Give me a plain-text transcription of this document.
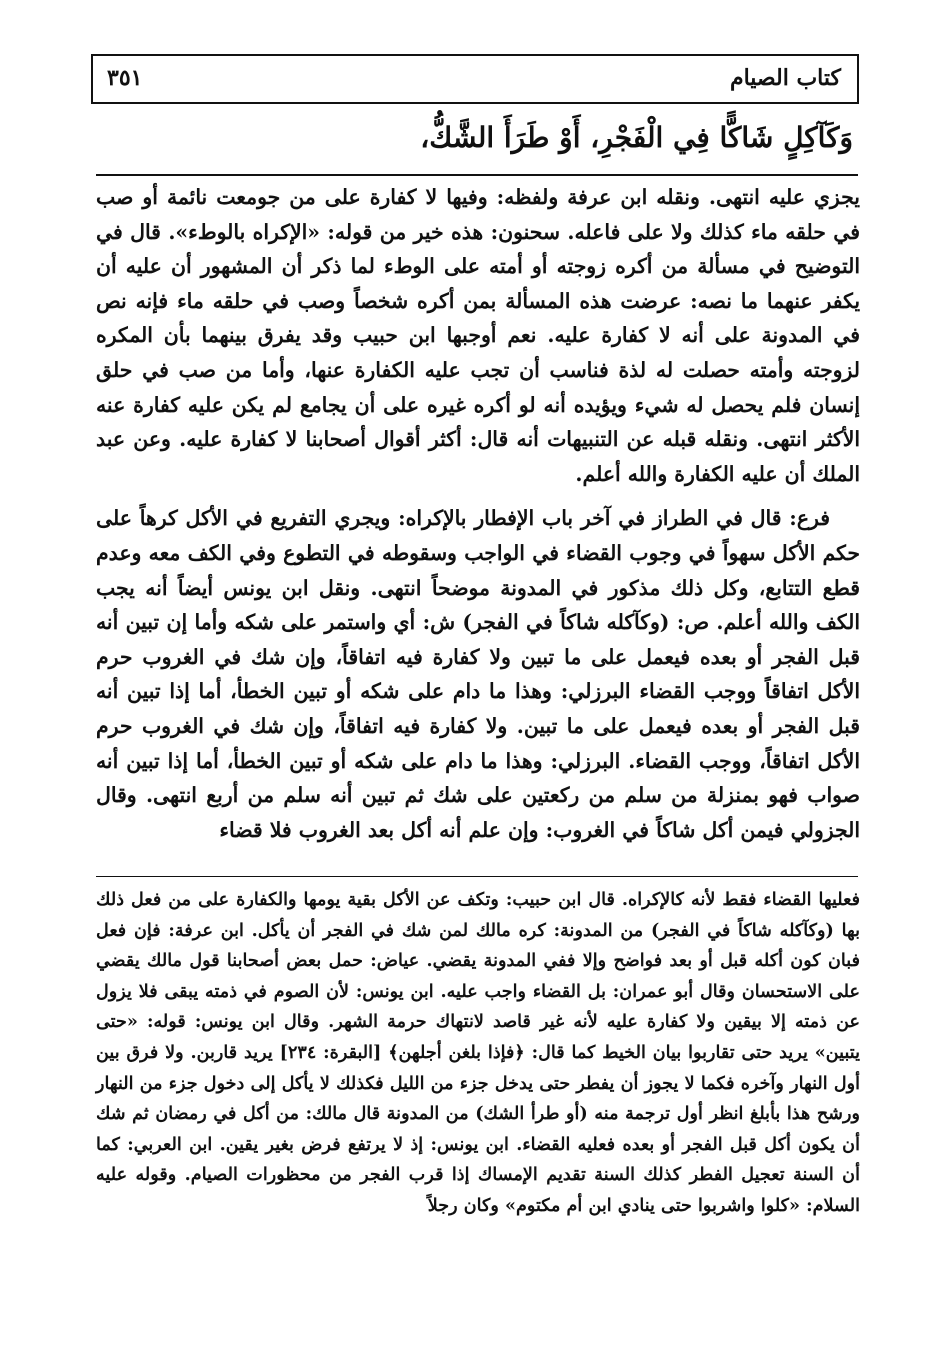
كتاب الصيام
٣٥١
وَكَآكِلٍ شَاكًّا فِي الْفَجْرِ، أَوْ طَرَأَ الشَّكُّ،

يجزي عليه انتهى. ونقله ابن عرفة ولفظه: وفيها لا كفارة على من جومعت نائمة أو صب في حلقه ماء كذلك ولا على فاعله. سحنون: هذه خير من قوله: «الإكراه بالوطء». قال في التوضيح في مسألة من أكره زوجته أو أمته على الوطء لما ذكر أن المشهور أن عليه أن يكفر عنهما ما نصه: عرضت هذه المسألة بمن أكره شخصاً وصب في حلقه ماء فإنه نص في المدونة على أنه لا كفارة عليه. نعم أوجبها ابن حبيب وقد يفرق بينهما بأن المكره لزوجته وأمته حصلت له لذة فناسب أن تجب عليه الكفارة عنها، وأما من صب في حلق إنسان فلم يحصل له شيء ويؤيده أنه لو أكره غيره على أن يجامع لم يكن عليه كفارة عنه الأكثر انتهى. ونقله قبله عن التنبيهات أنه قال: أكثر أقوال أصحابنا لا كفارة عليه. وعن عبد الملك أن عليه الكفارة والله أعلم.

فرع: قال في الطراز في آخر باب الإفطار بالإكراه: ويجري التفريع في الأكل كرهاً على حكم الأكل سهواً في وجوب القضاء في الواجب وسقوطه في التطوع وفي الكف معه وعدم قطع التتابع، وكل ذلك مذكور في المدونة موضحاً انتهى. ونقل ابن يونس أيضاً أنه يجب الكف والله أعلم. ص: (وكآكله شاكاً في الفجر) ش: أي واستمر على شكه وأما إن تبين أنه قبل الفجر أو بعده فيعمل على ما تبين ولا كفارة فيه اتفاقاً، وإن شك في الغروب حرم الأكل اتفاقاً ووجب القضاء البرزلي: وهذا ما دام على شكه أو تبين الخطأ، أما إذا تبين أنه قبل الفجر أو بعده فيعمل على ما تبين. ولا كفارة فيه اتفاقاً، وإن شك في الغروب حرم الأكل اتفاقاً، ووجب القضاء. البرزلي: وهذا ما دام على شكه أو تبين الخطأ، أما إذا تبين أنه صواب فهو بمنزلة من سلم من ركعتين على شك ثم تبين أنه سلم من أربع انتهى. وقال الجزولي فيمن أكل شاكاً في الغروب: وإن علم أنه أكل بعد الغروب فلا قضاء

فعليها القضاء فقط لأنه كالإكراه. قال ابن حبيب: وتكف عن الأكل بقية يومها والكفارة على من فعل ذلك بها (وكآكله شاكاً في الفجر) من المدونة: كره مالك لمن شك في الفجر أن يأكل. ابن عرفة: فإن فعل فبان كون أكله قبل أو بعد فواضح وإلا ففي المدونة يقضي. عياض: حمل بعض أصحابنا قول مالك يقضي على الاستحسان وقال أبو عمران: بل القضاء واجب عليه. ابن يونس: لأن الصوم في ذمته يبقى فلا يزول عن ذمته إلا بيقين ولا كفارة عليه لأنه غير قاصد لانتهاك حرمة الشهر. وقال ابن يونس: قوله: «حتى يتبين» يريد حتى تقاربوا بيان الخيط كما قال: ﴿فإذا بلغن أجلهن﴾ [البقرة: ٢٣٤] يريد قاربن. ولا فرق بين أول النهار وآخره فكما لا يجوز أن يفطر حتى يدخل جزء من الليل فكذلك لا يأكل إلى دخول جزء من النهار ورشح هذا بأبلغ انظر أول ترجمة منه (أو طرأ الشك) من المدونة قال مالك: من أكل في رمضان ثم شك أن يكون أكل قبل الفجر أو بعده فعليه القضاء. ابن يونس: إذ لا يرتفع فرض بغير يقين. ابن العربي: كما أن السنة تعجيل الفطر كذلك السنة تقديم الإمساك إذا قرب الفجر من محظورات الصيام. وقوله عليه السلام: «كلوا واشربوا حتى ينادي ابن أم مكتوم» وكان رجلاً
